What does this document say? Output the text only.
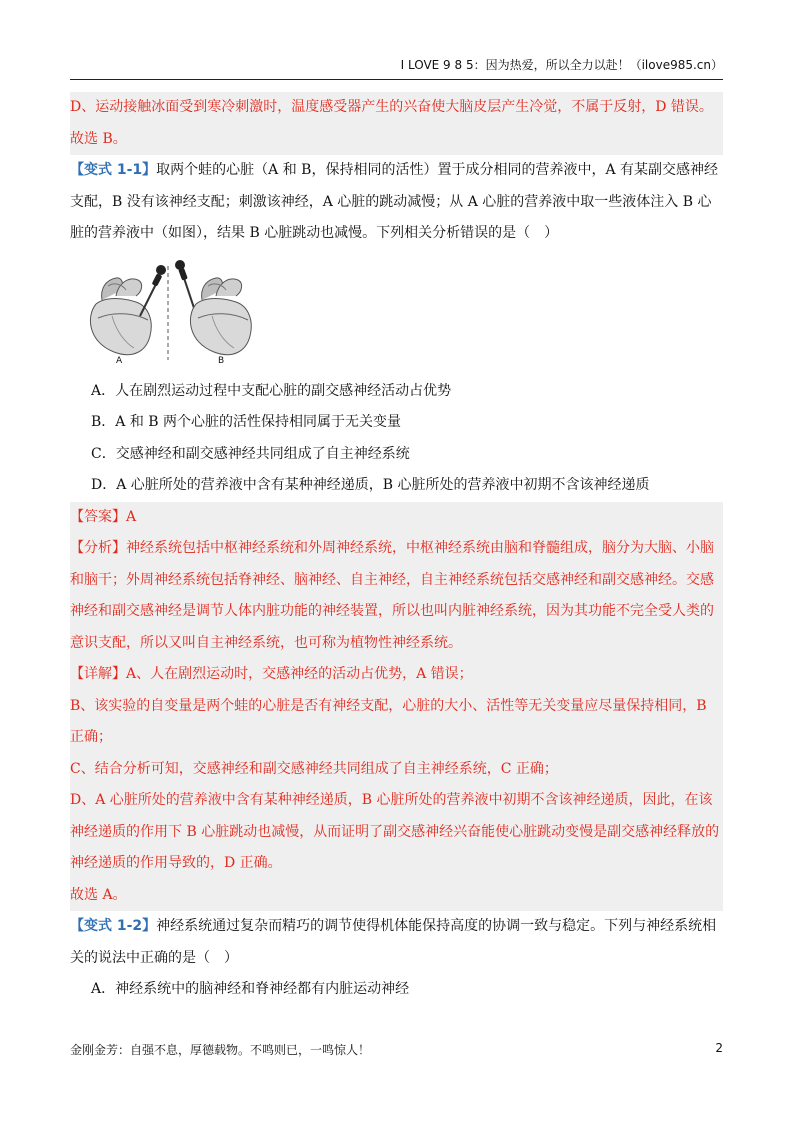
I LOVE 9 8 5：因为热爱，所以全力以赴！（ilove985.cn）

D、运动接触冰面受到寒冷刺激时，温度感受器产生的兴奋使大脑皮层产生冷觉，不属于反射，D 错误。

故选 B。

【变式 1-1】取两个蛙的心脏（A 和 B，保持相同的活性）置于成分相同的营养液中，A 有某副交感神经支配，B 没有该神经支配；刺激该神经，A 心脏的跳动减慢；从 A 心脏的营养液中取一些液体注入 B 心脏的营养液中（如图），结果 B 心脏跳动也减慢。下列相关分析错误的是（　）

A	B

A．人在剧烈运动过程中支配心脏的副交感神经活动占优势

B．A 和 B 两个心脏的活性保持相同属于无关变量

C．交感神经和副交感神经共同组成了自主神经系统

D．A 心脏所处的营养液中含有某种神经递质，B 心脏所处的营养液中初期不含该神经递质

【答案】A

【分析】神经系统包括中枢神经系统和外周神经系统，中枢神经系统由脑和脊髓组成，脑分为大脑、小脑和脑干；外周神经系统包括脊神经、脑神经、自主神经，自主神经系统包括交感神经和副交感神经。交感神经和副交感神经是调节人体内脏功能的神经装置，所以也叫内脏神经系统，因为其功能不完全受人类的意识支配，所以又叫自主神经系统，也可称为植物性神经系统。

【详解】A、人在剧烈运动时，交感神经的活动占优势，A 错误；

B、该实验的自变量是两个蛙的心脏是否有神经支配，心脏的大小、活性等无关变量应尽量保持相同，B 正确；

C、结合分析可知，交感神经和副交感神经共同组成了自主神经系统，C 正确；

D、A 心脏所处的营养液中含有某种神经递质，B 心脏所处的营养液中初期不含该神经递质，因此，在该神经递质的作用下 B 心脏跳动也减慢，从而证明了副交感神经兴奋能使心脏跳动变慢是副交感神经释放的神经递质的作用导致的，D 正确。

故选 A。

【变式 1-2】神经系统通过复杂而精巧的调节使得机体能保持高度的协调一致与稳定。下列与神经系统相关的说法中正确的是（　）

A．神经系统中的脑神经和脊神经都有内脏运动神经

金刚金芳：自强不息，厚德载物。不鸣则已，一鸣惊人！	2
